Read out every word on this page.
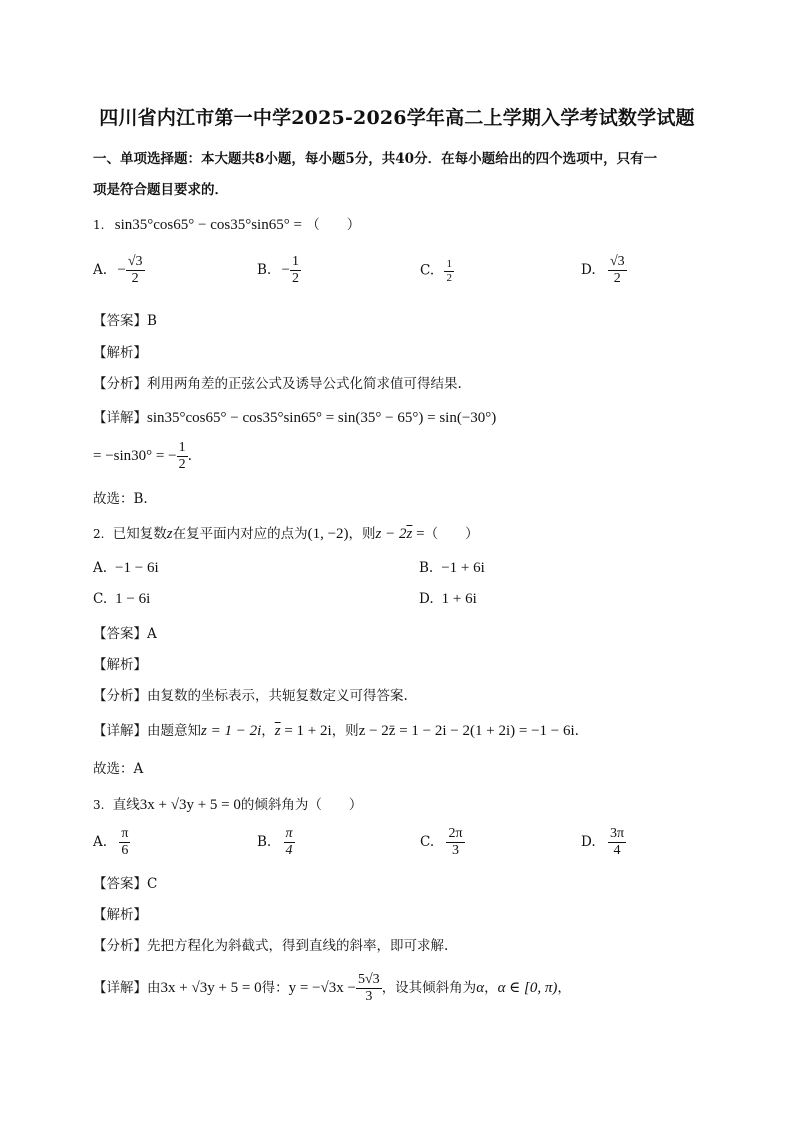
四川省内江市第一中学2025-2026学年高二上学期入学考试数学试题
一、单项选择题：本大题共8小题，每小题5分，共40分．在每小题给出的四个选项中，只有一
项是符合题目要求的．
1. sin35°cos65° − cos35°sin65° = （　　）
A. − $\frac{√3}{2}$	B. − $\frac{1}{2}$	C. $\frac{1}{2}$	D. $\frac{√3}{2}$
【答案】B
【解析】
【分析】利用两角差的正弦公式及诱导公式化简求值可得结果.
【详解】sin35°cos65° − cos35°sin65° = sin(35° − 65°) = sin(−30°)
= −sin30° = − $\frac{1}{2}$ .
故选：B.
2. 已知复数z在复平面内对应的点为(1, −2)，则$z - 2\overline{z}$ =（　　）
A. −1 − 6i	B. −1 + 6i
C. 1 − 6i	D. 1 + 6i
【答案】A
【解析】
【分析】由复数的坐标表示，共轭复数定义可得答案.
【详解】由题意知z = 1 − 2i，$\overline{z} = 1 + 2i$，则z − 2z̄ = 1 − 2i − 2(1 + 2i) = −1 − 6i.
故选：A
3. 直线3x + √3y + 5 = 0的倾斜角为（　　）
A. $\frac{\pi}{6}$	B. $\frac{\pi}{4}$	C. $\frac{2\pi}{3}$	D. $\frac{3\pi}{4}$
【答案】C
【解析】
【分析】先把方程化为斜截式，得到直线的斜率，即可求解.
【详解】由3x + √3y + 5 = 0得：$y = -√3x - \frac{5√3}{3}$ ，设其倾斜角为α，α ∈ [0, π)，
